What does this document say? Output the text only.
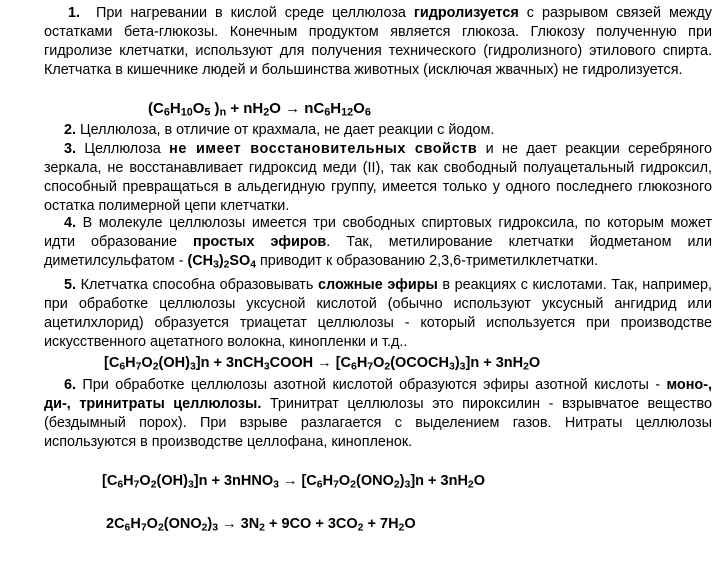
1. При нагревании в кислой среде целлюлоза гидролизуется с разрывом связей между остатками бета-глюкозы. Конечным продуктом является глюкоза. Глюкозу полученную при гидролизе клетчатки, используют для получения технического (гидролизного) этилового спирта. Клетчатка в кишечнике людей и большинства животных (исключая жвачных) не гидролизуется.

($C_6H_{10}O_5$ )$_n + nH_2O \to nC_6H_{12}O_6$

2. Целлюлоза, в отличие от крахмала, не дает реакции с йодом.

3. Целлюлоза не имеет восстановительных свойств и не дает реакции серебряного зеркала, не восстанавливает гидроксид меди (II), так как свободный полуацетальный гидроксил, способный превращаться в альдегидную группу, имеется только у одного последнего глюкозного остатка полимерной цепи клетчатки.

4. В молекуле целлюлозы имеется три свободных спиртовых гидроксила, по которым может идти образование простых эфиров. Так, метилирование клетчатки йодметаном или диметилсульфатом - $(CH_3)_2SO_4$ приводит к образованию 2,3,6-триметилклетчатки.

5. Клетчатка способна образовывать сложные эфиры в реакциях с кислотами. Так, например, при обработке целлюлозы уксусной кислотой (обычно используют уксусный ангидрид или ацетилхлорид) образуется триацетат целлюлозы - который используется при производстве искусственного ацетатного волокна, кинопленки и т.д..

$[C_6H_7O_2(OH)_3]n$ + 3nCH$_3$COOH → $[C_6H_7O_2(OCOCH_3)_3]n + 3nH_2O$

6. При обработке целлюлозы азотной кислотой образуются эфиры азотной кислоты - моно-, ди-, тринитраты целлюлозы. Тринитрат целлюлозы это пироксилин - взрывчатое вещество (бездымный порох). При взрыве разлагается с выделением газов. Нитраты целлюлозы используются в производстве целлофана, кинопленок.

$[C_6H_7O_2(OH)_3]n$ + 3nHNO$_3$ → $[C_6H_7O_2(ONO_2)_3]n + 3nH_2O$
$2C_6H_7O_2(ONO_2)_3 \to 3N_2 + 9CO + 3CO_2 + 7H_2O$
